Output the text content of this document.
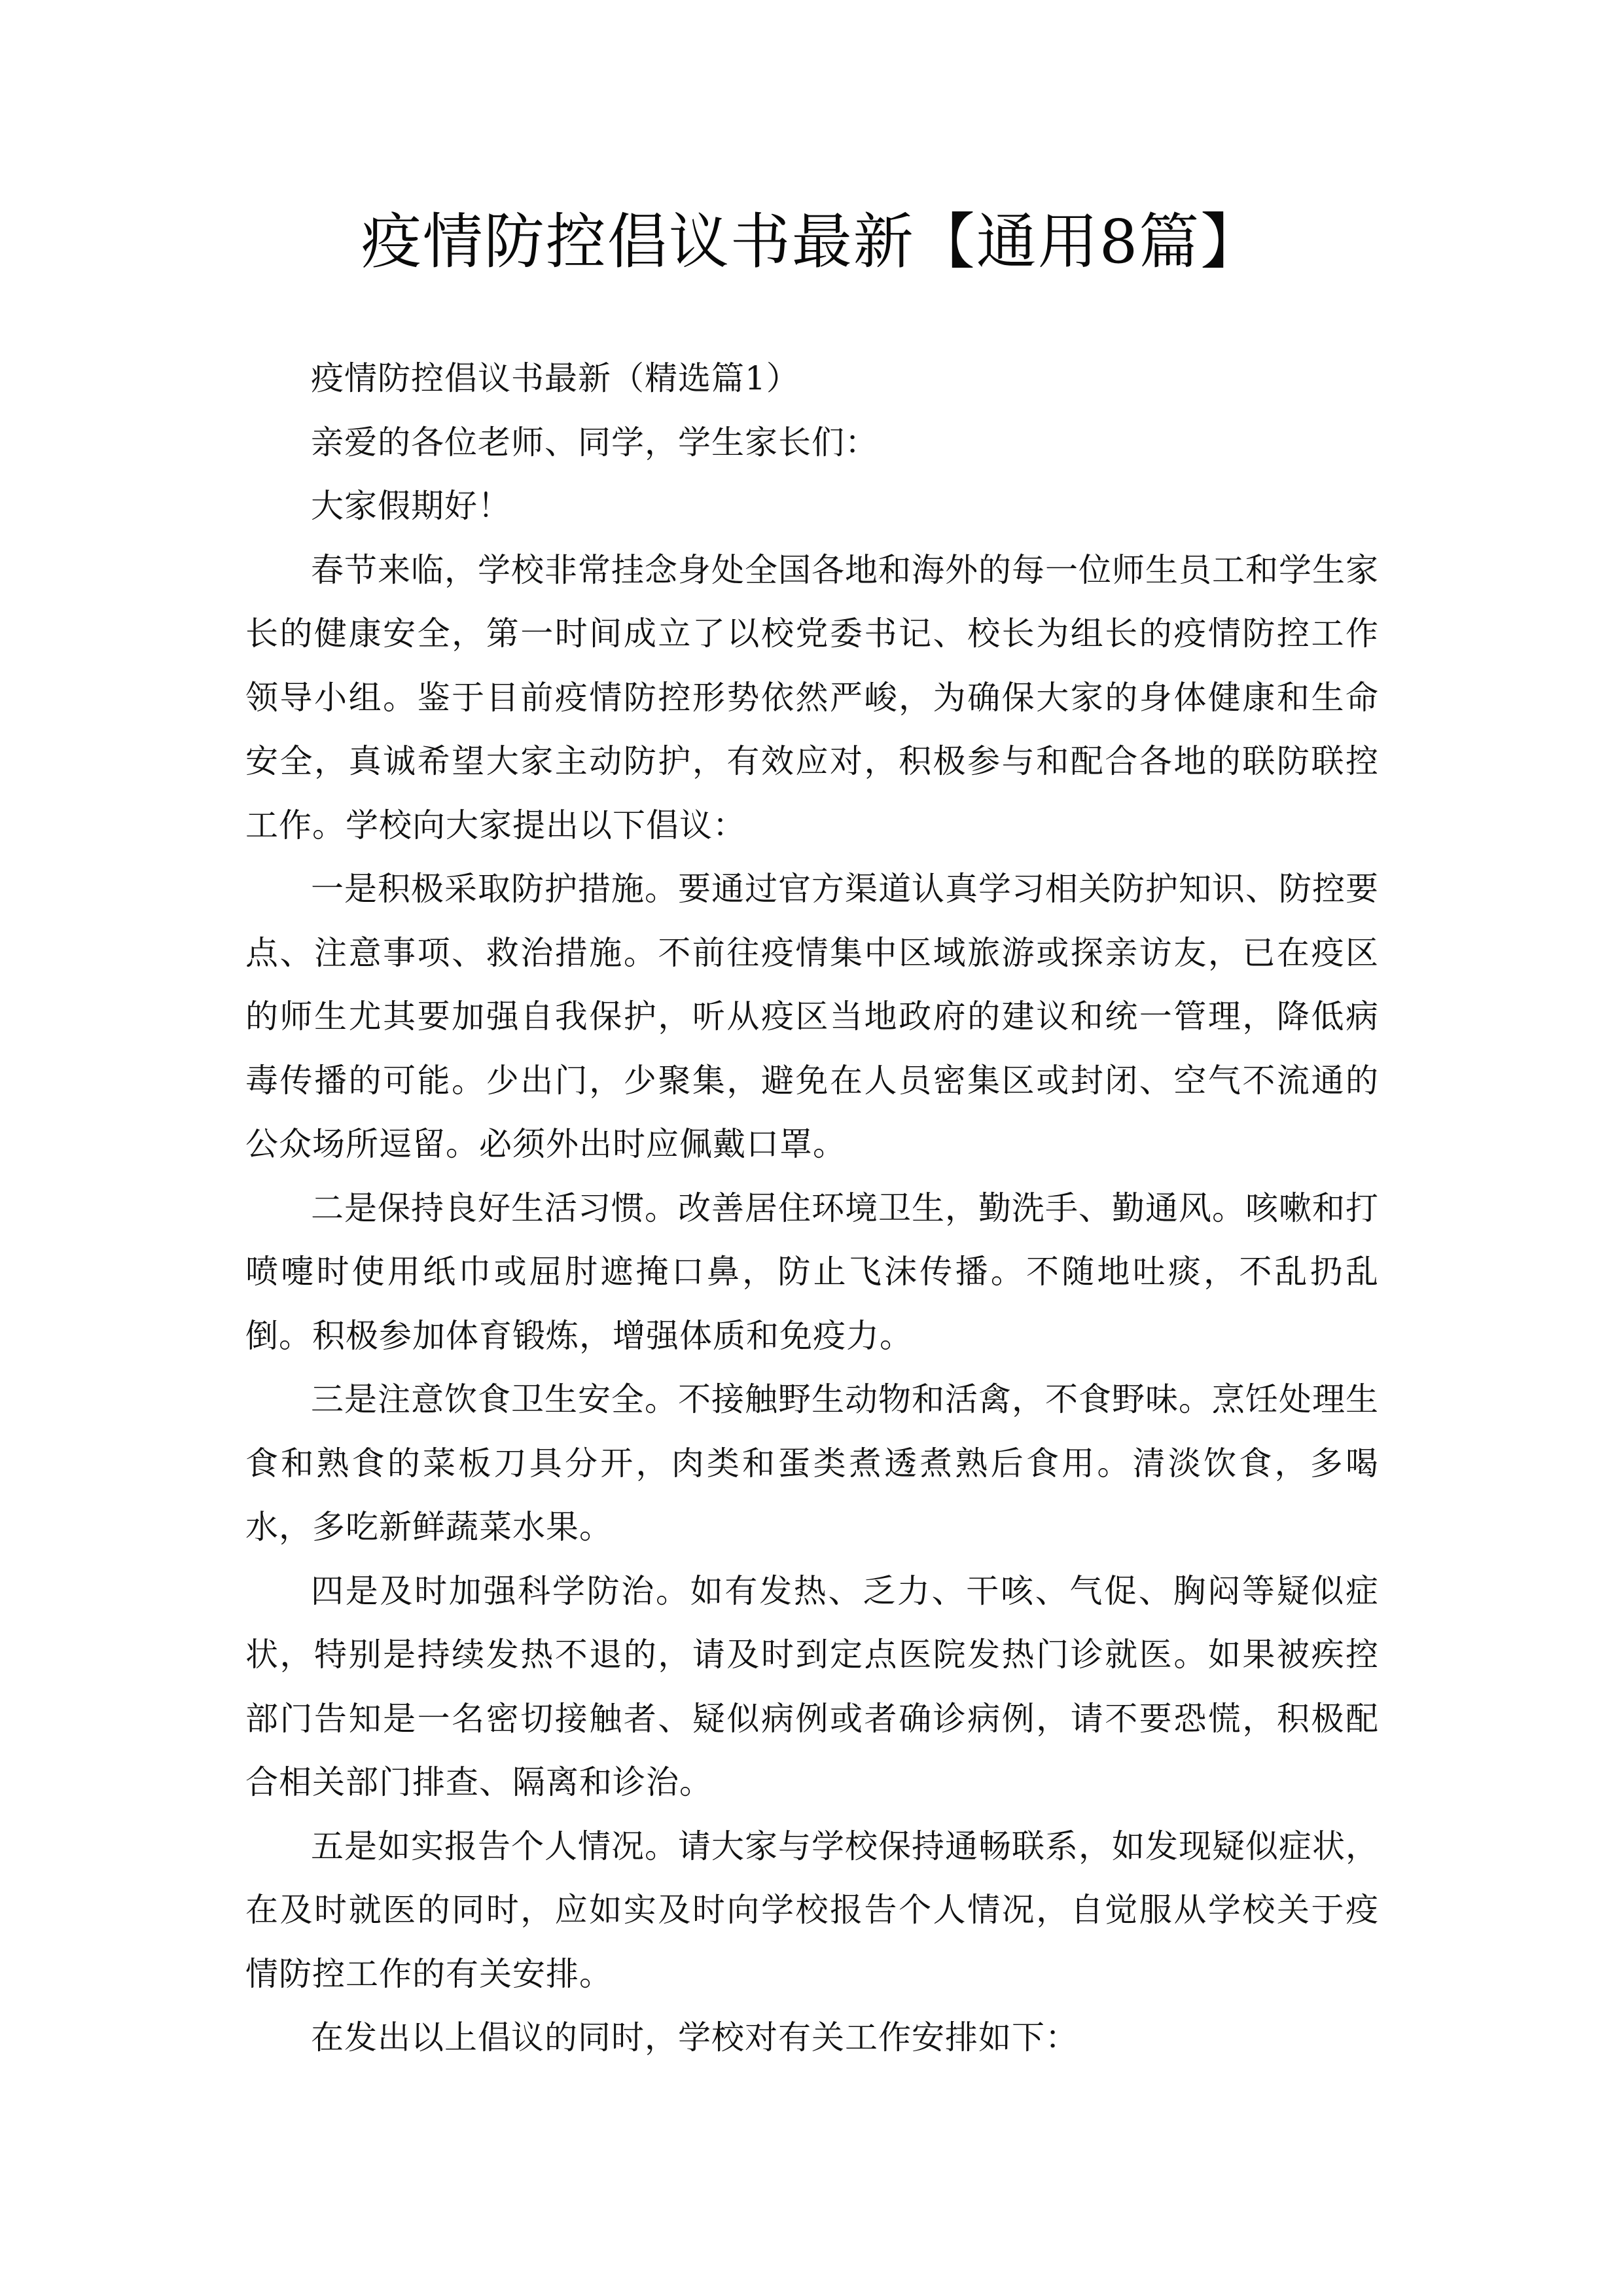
疫情防控倡议书最新【通用8篇】

疫情防控倡议书最新（精选篇1）

亲爱的各位老师、同学，学生家长们：

大家假期好！

春节来临，学校非常挂念身处全国各地和海外的每一位师生员工和学生家长的健康安全，第一时间成立了以校党委书记、校长为组长的疫情防控工作领导小组。鉴于目前疫情防控形势依然严峻，为确保大家的身体健康和生命安全，真诚希望大家主动防护，有效应对，积极参与和配合各地的联防联控工作。学校向大家提出以下倡议：

一是积极采取防护措施。要通过官方渠道认真学习相关防护知识、防控要点、注意事项、救治措施。不前往疫情集中区域旅游或探亲访友，已在疫区的师生尤其要加强自我保护，听从疫区当地政府的建议和统一管理，降低病毒传播的可能。少出门，少聚集，避免在人员密集区或封闭、空气不流通的公众场所逗留。必须外出时应佩戴口罩。

二是保持良好生活习惯。改善居住环境卫生，勤洗手、勤通风。咳嗽和打喷嚏时使用纸巾或屈肘遮掩口鼻，防止飞沫传播。不随地吐痰，不乱扔乱倒。积极参加体育锻炼，增强体质和免疫力。

三是注意饮食卫生安全。不接触野生动物和活禽，不食野味。烹饪处理生食和熟食的菜板刀具分开，肉类和蛋类煮透煮熟后食用。清淡饮食，多喝水，多吃新鲜蔬菜水果。

四是及时加强科学防治。如有发热、乏力、干咳、气促、胸闷等疑似症状，特别是持续发热不退的，请及时到定点医院发热门诊就医。如果被疾控部门告知是一名密切接触者、疑似病例或者确诊病例，请不要恐慌，积极配合相关部门排查、隔离和诊治。

五是如实报告个人情况。请大家与学校保持通畅联系，如发现疑似症状，在及时就医的同时，应如实及时向学校报告个人情况，自觉服从学校关于疫情防控工作的有关安排。

在发出以上倡议的同时，学校对有关工作安排如下：
